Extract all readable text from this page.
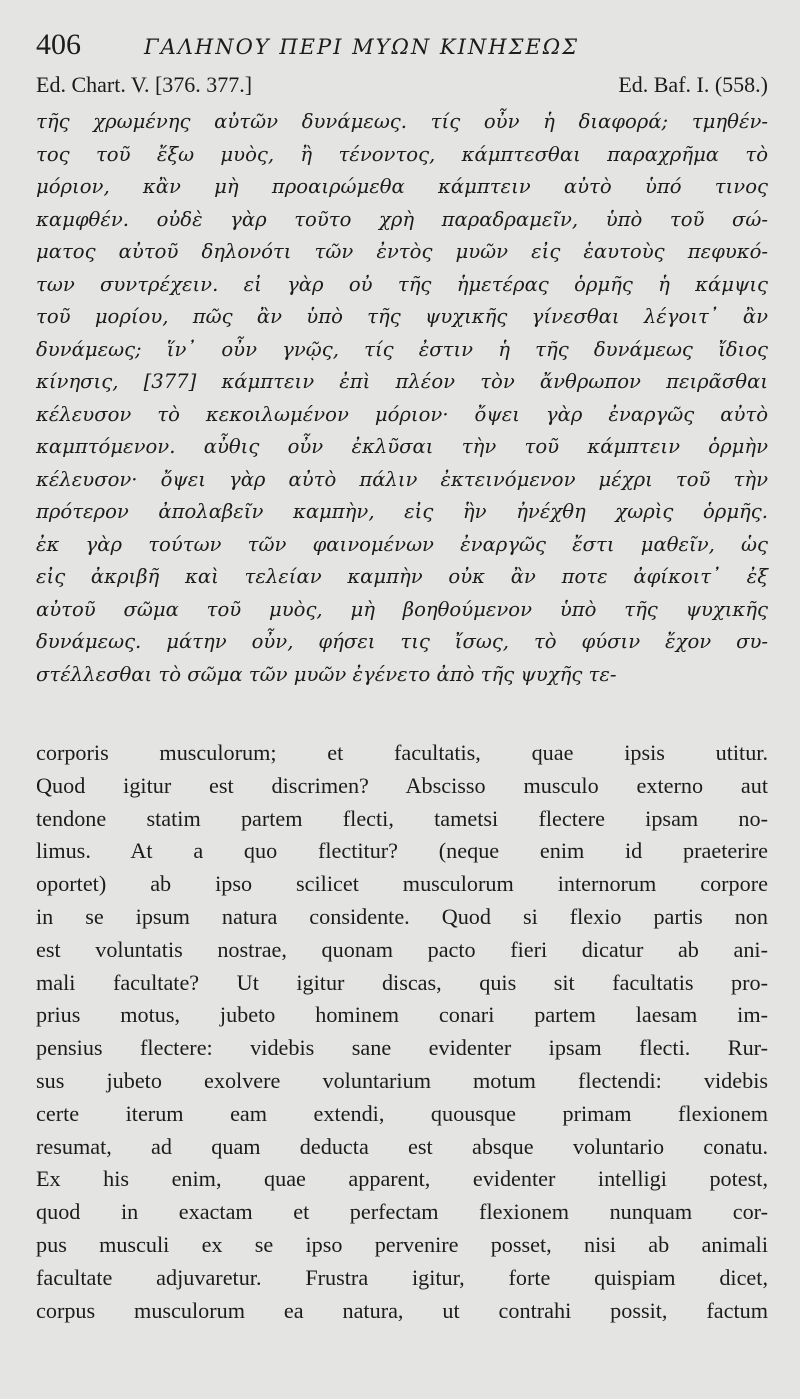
406	ΓΑΛΗΝΟΥ ΠΕΡΙ ΜΥΩΝ ΚΙΝΗΣΕΩΣ
Ed. Chart. V. [376. 377.]	Ed. Baf. I. (558.)
τῆς χρωμένης αὐτῶν δυνάμεως. τίς οὖν ἡ διαφορά; τμηθέν-
τος τοῦ ἔξω μυὸς, ἢ τένοντος, κάμπτεσθαι παραχρῆμα τὸ
μόριον, κἂν μὴ προαιρώμεθα κάμπτειν αὐτὸ ὑπό τινος
καμφθέν. οὐδὲ γὰρ τοῦτο χρὴ παραδραμεῖν, ὑπὸ τοῦ σώ-
ματος αὐτοῦ δηλονότι τῶν ἐντὸς μυῶν εἰς ἑαυτοὺς πεφυκό-
των συντρέχειν. εἰ γὰρ οὐ τῆς ἡμετέρας ὁρμῆς ἡ κάμψις
τοῦ μορίου, πῶς ἂν ὑπὸ τῆς ψυχικῆς γίνεσθαι λέγοιτ᾽ ἂν
δυνάμεως; ἵν᾽ οὖν γνῷς, τίς ἐστιν ἡ τῆς δυνάμεως ἴδιος
κίνησις, [377] κάμπτειν ἐπὶ πλέον τὸν ἄνθρωπον πειρᾶσθαι
κέλευσον τὸ κεκοιλωμένον μόριον· ὄψει γὰρ ἐναργῶς αὐτὸ
καμπτόμενον. αὖθις οὖν ἐκλῦσαι τὴν τοῦ κάμπτειν ὁρμὴν
κέλευσον· ὄψει γὰρ αὐτὸ πάλιν ἐκτεινόμενον μέχρι τοῦ τὴν
πρότερον ἀπολαβεῖν καμπὴν, εἰς ἣν ἠνέχθη χωρὶς ὁρμῆς.
ἐκ γὰρ τούτων τῶν φαινομένων ἐναργῶς ἔστι μαθεῖν, ὡς
εἰς ἀκριβῆ καὶ τελείαν καμπὴν οὐκ ἂν ποτε ἀφίκοιτ᾽ ἐξ
αὐτοῦ σῶμα τοῦ μυὸς, μὴ βοηθούμενον ὑπὸ τῆς ψυχικῆς
δυνάμεως. μάτην οὖν, φήσει τις ἴσως, τὸ φύσιν ἔχον συ-
στέλλεσθαι τὸ σῶμα τῶν μυῶν ἐγένετο ἀπὸ τῆς ψυχῆς τε-
corporis musculorum; et facultatis, quae ipsis utitur.
Quod igitur est discrimen? Abscisso musculo externo aut
tendone statim partem flecti, tametsi flectere ipsam no-
limus. At a quo flectitur? (neque enim id praeterire
oportet) ab ipso scilicet musculorum internorum corpore
in se ipsum natura considente. Quod si flexio partis non
est voluntatis nostrae, quonam pacto fieri dicatur ab ani-
mali facultate? Ut igitur discas, quis sit facultatis pro-
prius motus, jubeto hominem conari partem laesam im-
pensius flectere: videbis sane evidenter ipsam flecti. Rur-
sus jubeto exolvere voluntarium motum flectendi: videbis
certe iterum eam extendi, quousque primam flexionem
resumat, ad quam deducta est absque voluntario conatu.
Ex his enim, quae apparent, evidenter intelligi potest,
quod in exactam et perfectam flexionem nunquam cor-
pus musculi ex se ipso pervenire posset, nisi ab animali
facultate adjuvaretur. Frustra igitur, forte quispiam dicet,
corpus musculorum ea natura, ut contrahi possit, factum
